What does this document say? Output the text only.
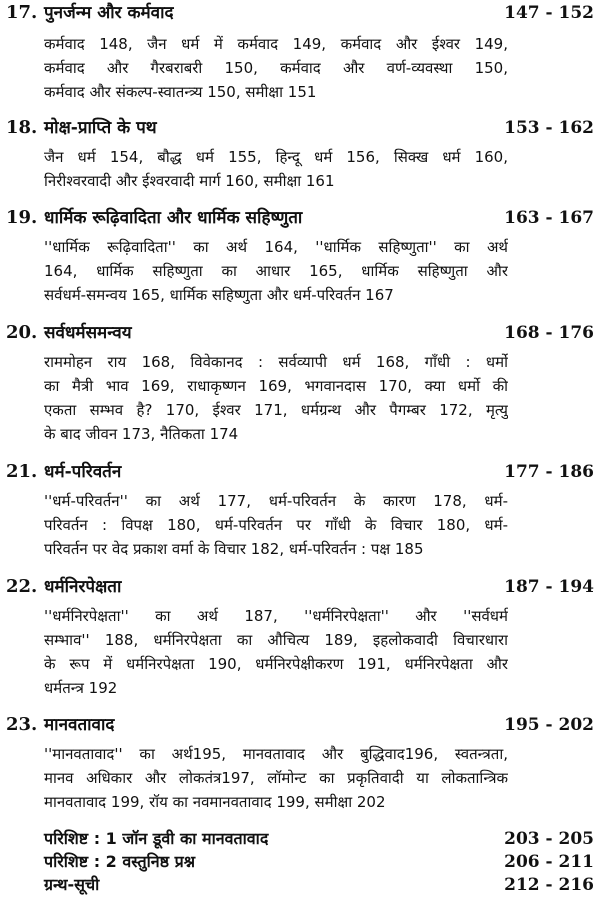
17. पुनर्जन्म और कर्मवाद	147 - 152
कर्मवाद 148, जैन धर्म में कर्मवाद 149, कर्मवाद और ईश्वर 149,
कर्मवाद और गैरबराबरी 150, कर्मवाद और वर्ण-व्यवस्था 150,
कर्मवाद और संकल्प-स्वातन्त्र्य 150, समीक्षा 151
18. मोक्ष-प्राप्ति के पथ	153 - 162
जैन धर्म 154, बौद्ध धर्म 155, हिन्दू धर्म 156, सिक्ख धर्म 160,
निरीश्वरवादी और ईश्वरवादी मार्ग 160, समीक्षा 161
19. धार्मिक रूढ़िवादिता और धार्मिक सहिष्णुता	163 - 167
''धार्मिक रूढ़िवादिता'' का अर्थ 164, ''धार्मिक सहिष्णुता'' का अर्थ
164, धार्मिक सहिष्णुता का आधार 165, धार्मिक सहिष्णुता और
सर्वधर्म-समन्वय 165, धार्मिक सहिष्णुता और धर्म-परिवर्तन 167
20. सर्वधर्मसमन्वय	168 - 176
राममोहन राय 168, विवेकानद : सर्वव्यापी धर्म 168, गाँधी : धर्मो
का मैत्री भाव 169, राधाकृष्णन 169, भगवानदास 170, क्या धर्मो की
एकता सम्भव है? 170, ईश्वर 171, धर्मग्रन्थ और पैगम्बर 172, मृत्यु
के बाद जीवन 173, नैतिकता 174
21. धर्म-परिवर्तन	177 - 186
''धर्म-परिवर्तन'' का अर्थ 177, धर्म-परिवर्तन के कारण 178, धर्म-
परिवर्तन : विपक्ष 180, धर्म-परिवर्तन पर गाँधी के विचार 180, धर्म-
परिवर्तन पर वेद प्रकाश वर्मा के विचार 182, धर्म-परिवर्तन : पक्ष 185
22. धर्मनिरपेक्षता	187 - 194
''धर्मनिरपेक्षता'' का अर्थ 187, ''धर्मनिरपेक्षता'' और ''सर्वधर्म
सम्भाव'' 188, धर्मनिरपेक्षता का औचित्य 189, इहलोकवादी विचारधारा
के रूप में धर्मनिरपेक्षता 190, धर्मनिरपेक्षीकरण 191, धर्मनिरपेक्षता और
धर्मतन्त्र 192
23. मानवतावाद	195 - 202
''मानवतावाद'' का अर्थ195, मानवतावाद और बुद्धिवाद196, स्वतन्त्रता,
मानव अधिकार और लोकतंत्र197, लॉमोन्ट का प्रकृतिवादी या लोकतान्त्रिक
मानवतावाद 199, रॉय का नवमानवतावाद 199, समीक्षा 202
परिशिष्ट : 1 जॉन डूवी का मानवतावाद	203 - 205
परिशिष्ट : 2 वस्तुनिष्ठ प्रश्न	206 - 211
ग्रन्थ-सूची	212 - 216
